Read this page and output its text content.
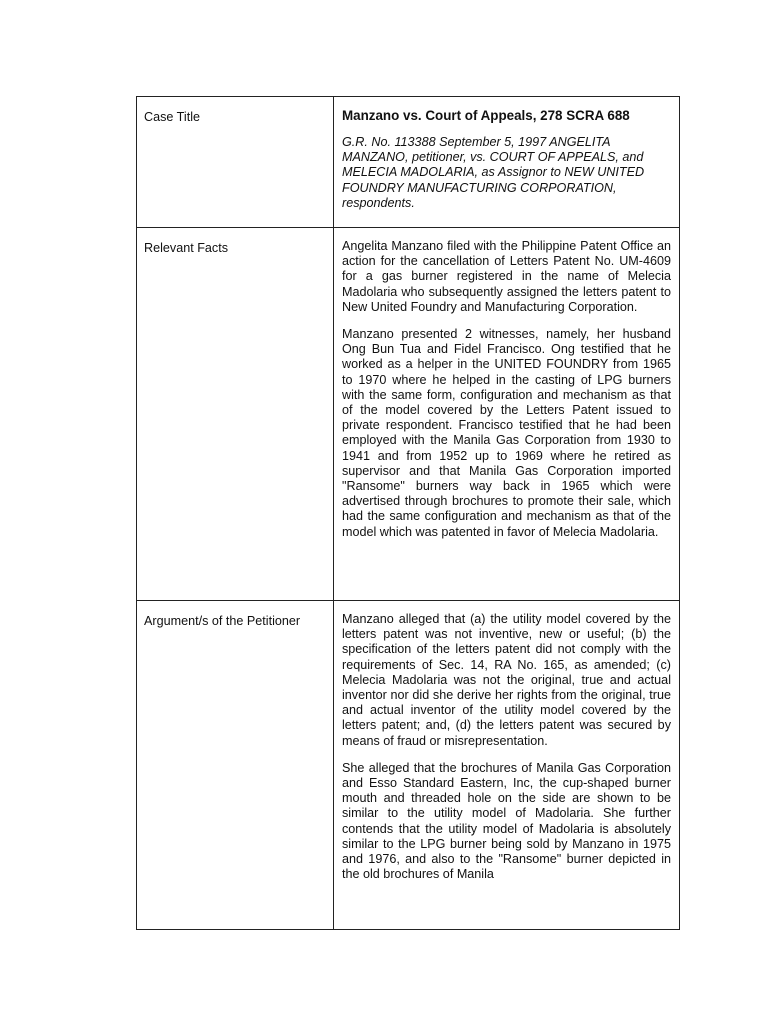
Case Title	Manzano vs. Court of Appeals, 278 SCRA 688

G.R. No. 113388 September 5, 1997 ANGELITA MANZANO, petitioner, vs. COURT OF APPEALS, and MELECIA MADOLARIA, as Assignor to NEW UNITED FOUNDRY MANUFACTURING CORPORATION, respondents.

Relevant Facts	Angelita Manzano filed with the Philippine Patent Office an action for the cancellation of Letters Patent No. UM-4609 for a gas burner registered in the name of Melecia Madolaria who subsequently assigned the letters patent to New United Foundry and Manufacturing Corporation.

Manzano presented 2 witnesses, namely, her husband Ong Bun Tua and Fidel Francisco. Ong testified that he worked as a helper in the UNITED FOUNDRY from 1965 to 1970 where he helped in the casting of LPG burners with the same form, configuration and mechanism as that of the model covered by the Letters Patent issued to private respondent. Francisco testified that he had been employed with the Manila Gas Corporation from 1930 to 1941 and from 1952 up to 1969 where he retired as supervisor and that Manila Gas Corporation imported "Ransome" burners way back in 1965 which were advertised through brochures to promote their sale, which had the same configuration and mechanism as that of the model which was patented in favor of Melecia Madolaria.

Argument/s of the Petitioner	Manzano alleged that (a) the utility model covered by the letters patent was not inventive, new or useful; (b) the specification of the letters patent did not comply with the requirements of Sec. 14, RA No. 165, as amended; (c) Melecia Madolaria was not the original, true and actual inventor nor did she derive her rights from the original, true and actual inventor of the utility model covered by the letters patent; and, (d) the letters patent was secured by means of fraud or misrepresentation.

She alleged that the brochures of Manila Gas Corporation and Esso Standard Eastern, Inc, the cup-shaped burner mouth and threaded hole on the side are shown to be similar to the utility model of Madolaria. She further contends that the utility model of Madolaria is absolutely similar to the LPG burner being sold by Manzano in 1975 and 1976, and also to the "Ransome" burner depicted in the old brochures of Manila
